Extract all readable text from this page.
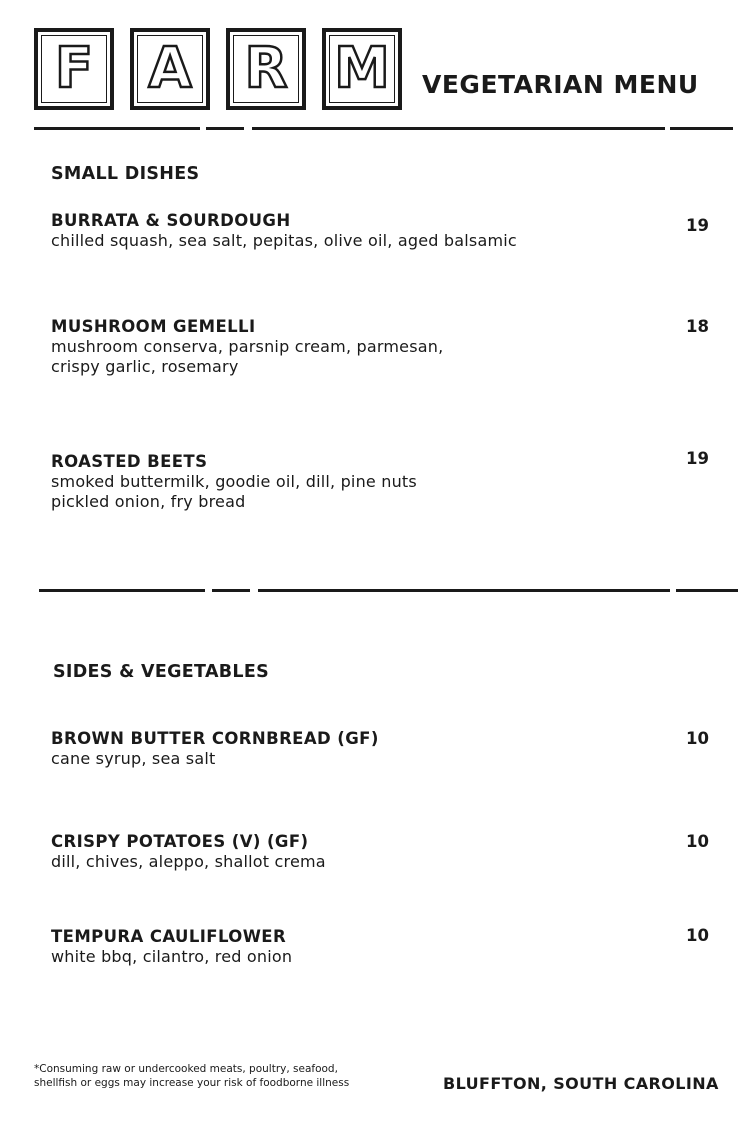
F A R M VEGETARIAN MENU
SMALL DISHES
BURRATA & SOURDOUGH
chilled squash, sea salt, pepitas, olive oil, aged balsamic
19
MUSHROOM GEMELLI
mushroom conserva, parsnip cream, parmesan,
crispy garlic, rosemary
18
ROASTED BEETS
smoked buttermilk, goodie oil, dill, pine nuts
pickled onion, fry bread
19
SIDES & VEGETABLES
BROWN BUTTER CORNBREAD (GF)
cane syrup, sea salt
10
CRISPY POTATOES (V) (GF)
dill, chives, aleppo, shallot crema
10
TEMPURA CAULIFLOWER
white bbq, cilantro, red onion
10
*Consuming raw or undercooked meats, poultry, seafood,
shellfish or eggs may increase your risk of foodborne illness	BLUFFTON, SOUTH CAROLINA
